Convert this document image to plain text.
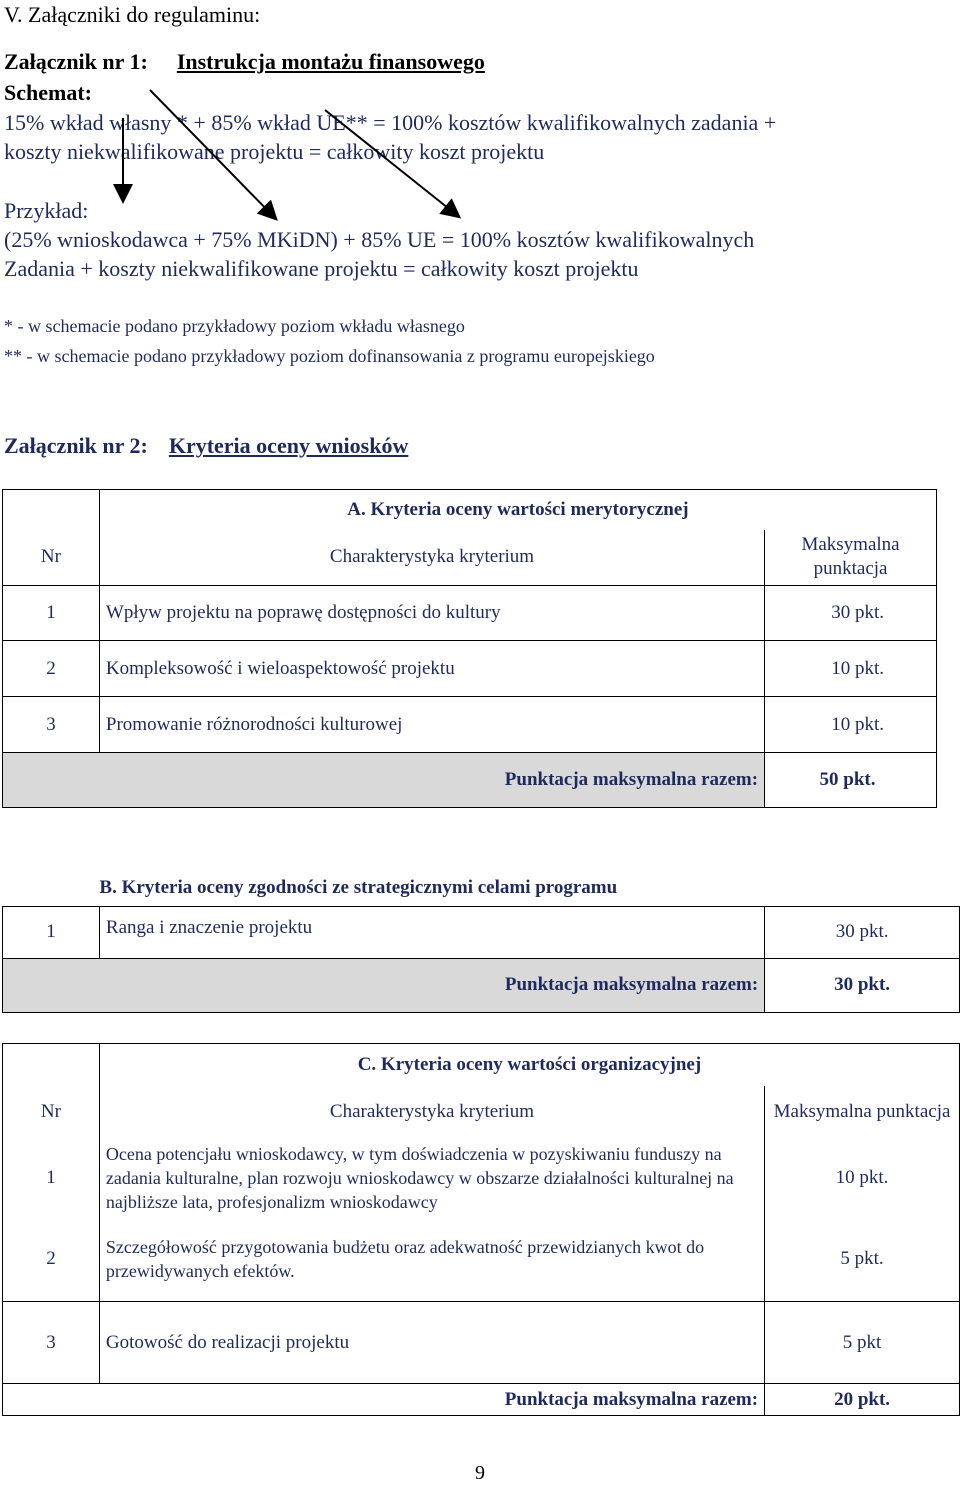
V. Załączniki do regulaminu:
Załącznik nr 1: Instrukcja montażu finansowego
Schemat:
15% wkład własny * + 85% wkład UE** = 100% kosztów kwalifikowalnych zadania +
koszty niekwalifikowane projektu = całkowity koszt projektu
Przykład:
(25% wnioskodawca + 75% MKiDN) + 85% UE = 100% kosztów kwalifikowalnych
Zadania + koszty niekwalifikowane projektu = całkowity koszt projektu
* - w schemacie podano przykładowy poziom wkładu własnego
** - w schemacie podano przykładowy poziom dofinansowania z programu europejskiego
Załącznik nr 2: Kryteria oceny wniosków
	A. Kryteria oceny wartości merytorycznej	
Nr	Charakterystyka kryterium	Maksymalna punktacja
1	Wpływ projektu na poprawę dostępności do kultury	30 pkt.
2	Kompleksowość i wieloaspektowość projektu	10 pkt.
3	Promowanie różnorodności kulturowej	10 pkt.
Punktacja maksymalna razem:		50 pkt.
	B. Kryteria oceny zgodności ze strategicznymi celami programu	
1	Ranga i znaczenie projektu	30 pkt.
Punktacja maksymalna razem:		30 pkt.
	C. Kryteria oceny wartości organizacyjnej	
Nr	Charakterystyka kryterium	Maksymalna punktacja
1	Ocena potencjału wnioskodawcy, w tym doświadczenia w pozyskiwaniu funduszy na zadania kulturalne, plan rozwoju wnioskodawcy w obszarze działalności kulturalnej na najbliższe lata, profesjonalizm wnioskodawcy	10 pkt.
2	Szczegółowość przygotowania budżetu oraz adekwatność przewidzianych kwot do przewidywanych efektów.	5 pkt.
3	Gotowość do realizacji projektu	5 pkt
Punktacja maksymalna razem:		20 pkt.
9
